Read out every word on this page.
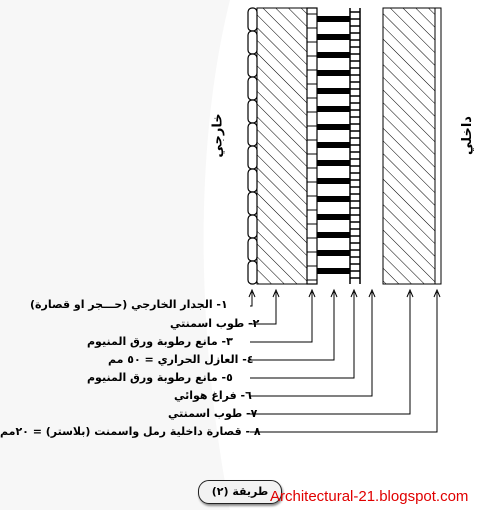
خارجي	داخلي
١- الجدار الخارجي (حـــجر او قصارة)
٢- طوب اسمنتي
٣- مانع رطوبة ورق المنيوم
٤- العازل الحراري = ٥٠ مم
٥- مانع رطوبة ورق المنيوم
٦- فراغ هوائي
٧- طوب اسمنتي
٨ - قصارة داخلية رمل واسمنت (بلاستر) = ٢٠مم
طريقة (٢) Architectural-21.blogspot.com
